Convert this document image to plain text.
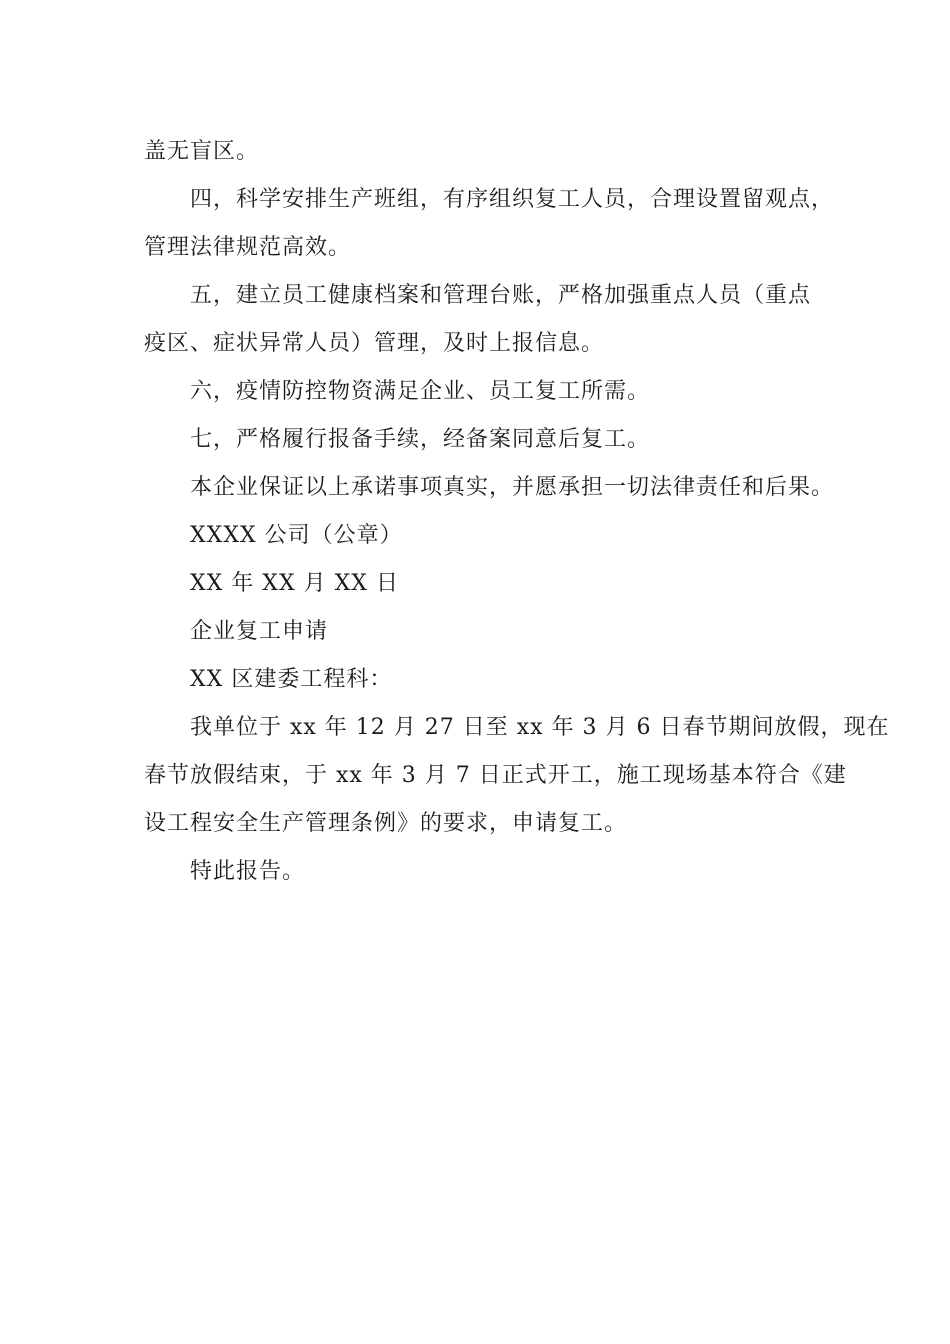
盖无盲区。

四，科学安排生产班组，有序组织复工人员，合理设置留观点，
管理法律规范高效。

五，建立员工健康档案和管理台账，严格加强重点人员（重点
疫区、症状异常人员）管理，及时上报信息。

六，疫情防控物资满足企业、员工复工所需。

七，严格履行报备手续，经备案同意后复工。

本企业保证以上承诺事项真实，并愿承担一切法律责任和后果。

XXXX 公司（公章）

XX 年 XX 月 XX 日

企业复工申请

XX 区建委工程科：

我单位于 xx 年 12 月 27 日至 xx 年 3 月 6 日春节期间放假，现在
春节放假结束，于 xx 年 3 月 7 日正式开工，施工现场基本符合《建
设工程安全生产管理条例》的要求，申请复工。

特此报告。
